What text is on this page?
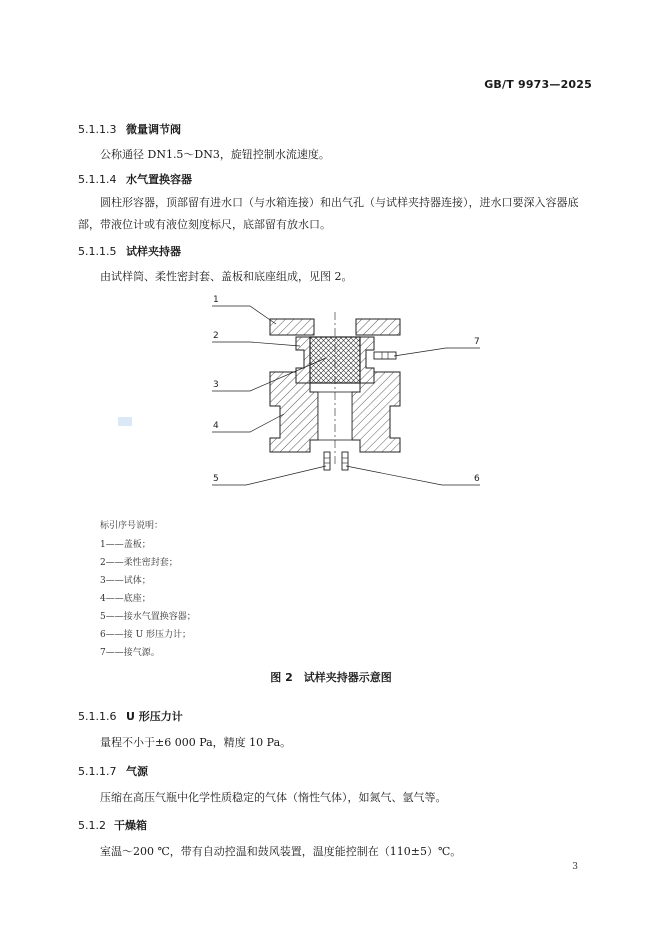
GB/T 9973—2025
5.1.1.3 微量调节阀
公称通径 DN1.5～DN3，旋钮控制水流速度。
5.1.1.4 水气置换容器
圆柱形容器，顶部留有进水口（与水箱连接）和出气孔（与试样夹持器连接），进水口要深入容器底部，带液位计或有液位刻度标尺，底部留有放水口。
5.1.1.5 试样夹持器
由试样筒、柔性密封套、盖板和底座组成，见图 2。
1
2
3
4
5	6
7
标引序号说明：
1——盖板；
2——柔性密封套；
3——试体；
4——底座；
5——接水气置换容器；
6——接 U 形压力计；
7——接气源。
图 2　试样夹持器示意图
5.1.1.6 U 形压力计
量程不小于±6 000 Pa，精度 10 Pa。
5.1.1.7 气源
压缩在高压气瓶中化学性质稳定的气体（惰性气体），如氮气、氩气等。
5.1.2 干燥箱
室温～200 ℃，带有自动控温和鼓风装置，温度能控制在（110±5）℃。
3
